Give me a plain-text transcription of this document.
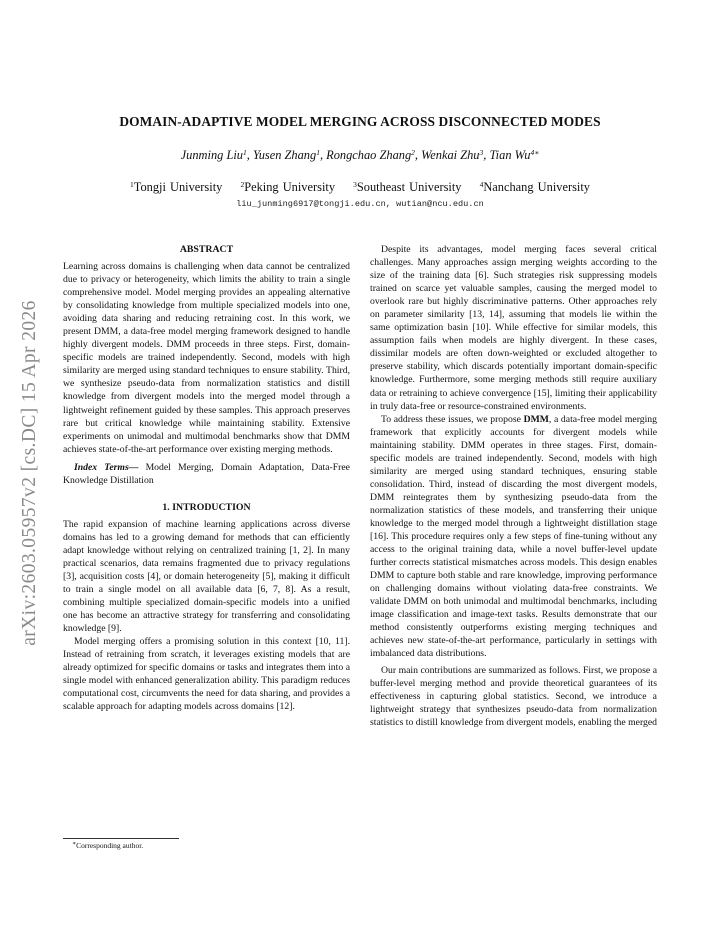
arXiv:2603.05957v2 [cs.DC] 15 Apr 2026
DOMAIN-ADAPTIVE MODEL MERGING ACROSS DISCONNECTED MODES
Junming Liu$^1$, Yusen Zhang$^1$, Rongchao Zhang$^2$, Wenkai Zhu$^3$, Tian $Wu^{4∗}$
$^1$Tongji University $^2$Peking University $^3$Southeast University $^4$Nanchang University
liu_junming6917@tongji.edu.cn, wutian@ncu.edu.cn
ABSTRACT

Learning across domains is challenging when data cannot be centralized due to privacy or heterogeneity, which limits the ability to train a single comprehensive model. Model merging provides an appealing alternative by consolidating knowledge from multiple specialized models into one, avoiding data sharing and reducing retraining cost. In this work, we present DMM, a data-free model merging framework designed to handle highly divergent models. DMM proceeds in three steps. First, domain-specific models are trained independently. Second, models with high similarity are merged using standard techniques to ensure stability. Third, we synthesize pseudo-data from normalization statistics and distill knowledge from divergent models into the merged model through a lightweight refinement guided by these samples. This approach preserves rare but critical knowledge while maintaining stability. Extensive experiments on unimodal and multimodal benchmarks show that DMM achieves state-of-the-art performance over existing merging methods.

Index Terms— Model Merging, Domain Adaptation, Data-Free Knowledge Distillation

1. INTRODUCTION

The rapid expansion of machine learning applications across diverse domains has led to a growing demand for methods that can efficiently adapt knowledge without relying on centralized training [1, 2]. In many practical scenarios, data remains fragmented due to privacy regulations [3], acquisition costs [4], or domain heterogeneity [5], making it difficult to train a single model on all available data [6, 7, 8]. As a result, combining multiple specialized domain-specific models into a unified one has become an attractive strategy for transferring and consolidating knowledge [9].

Model merging offers a promising solution in this context [10, 11]. Instead of retraining from scratch, it leverages existing models that are already optimized for specific domains or tasks and integrates them into a single model with enhanced generalization ability. This paradigm reduces computational cost, circumvents the need for data sharing, and provides a scalable approach for adapting models across domains [12].

Despite its advantages, model merging faces several critical challenges. Many approaches assign merging weights according to the size of the training data [6]. Such strategies risk suppressing models trained on scarce yet valuable samples, causing the merged model to overlook rare but highly discriminative patterns. Other approaches rely on parameter similarity [13, 14], assuming that models lie within the same optimization basin [10]. While effective for similar models, this assumption fails when models are highly divergent. In these cases, dissimilar models are often down-weighted or excluded altogether to preserve stability, which discards potentially important domain-specific knowledge. Furthermore, some merging methods still require auxiliary data or retraining to achieve convergence [15], limiting their applicability in truly data-free or resource-constrained environments.

To address these issues, we propose DMM, a data-free model merging framework that explicitly accounts for divergent models while maintaining stability. DMM operates in three stages. First, domain-specific models are trained independently. Second, models with high similarity are merged using standard techniques, ensuring stable consolidation. Third, instead of discarding the most divergent models, DMM reintegrates them by synthesizing pseudo-data from the normalization statistics of these models, and transferring their unique knowledge to the merged model through a lightweight distillation stage [16]. This procedure requires only a few steps of fine-tuning without any access to the original training data, while a novel buffer-level update further corrects statistical mismatches across models. This design enables DMM to capture both stable and rare knowledge, improving performance on challenging domains without violating data-free constraints. We validate DMM on both unimodal and multimodal benchmarks, including image classification and image-text tasks. Results demonstrate that our method consistently outperforms existing merging techniques and achieves new state-of-the-art performance, particularly in settings with imbalanced data distributions.

Our main contributions are summarized as follows. First, we propose a buffer-level merging method and provide theoretical guarantees of its effectiveness in capturing global statistics. Second, we introduce a lightweight strategy that synthesizes pseudo-data from normalization statistics to distill knowledge from divergent models, enabling the merged

∗Corresponding author.
